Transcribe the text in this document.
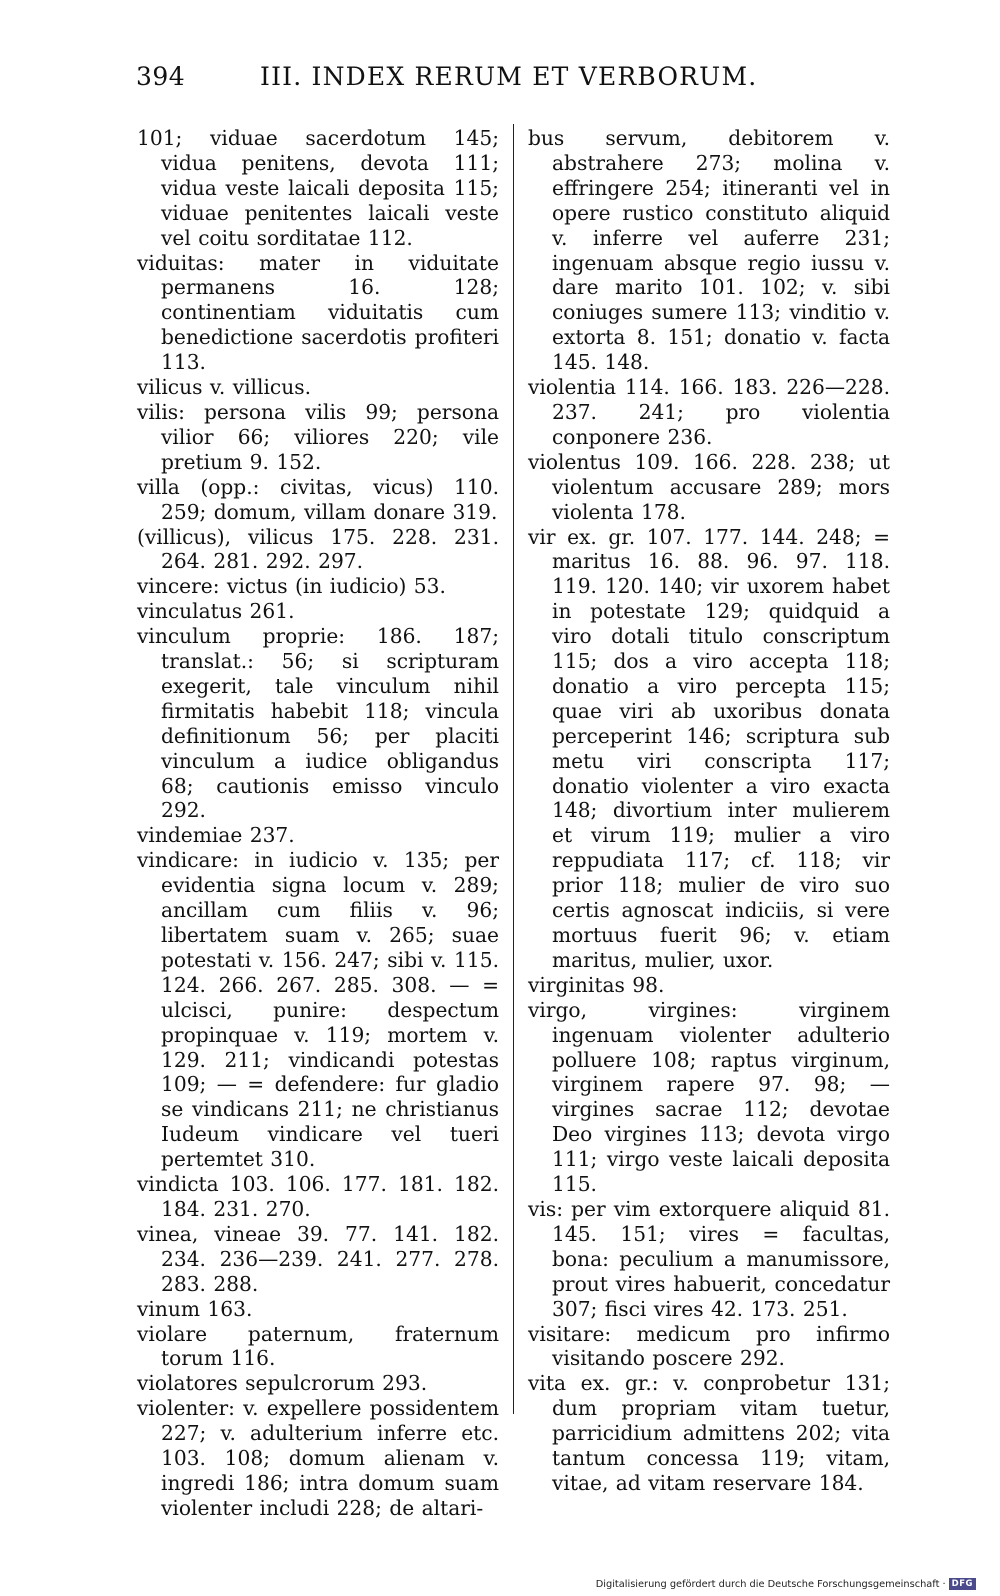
394	III. INDEX RERUM ET VERBORUM.

101; viduae sacerdotum 145; vidua penitens, devota 111; vidua veste laicali deposita 115; viduae penitentes laicali veste vel coitu sorditatae 112.

viduitas: mater in viduitate permanens 16. 128; continentiam viduitatis cum benedictione sacerdotis profiteri 113.

vilicus v. villicus.

vilis: persona vilis 99; persona vilior 66; viliores 220; vile pretium 9. 152.

villa (opp.: civitas, vicus) 110. 259; domum, villam donare 319.

(villicus), vilicus 175. 228. 231. 264. 281. 292. 297.

vincere: victus (in iudicio) 53.

vinculatus 261.

vinculum proprie: 186. 187; translat.: 56; si scripturam exegerit, tale vinculum nihil firmitatis habebit 118; vincula definitionum 56; per placiti vinculum a iudice obligandus 68; cautionis emisso vinculo 292.

vindemiae 237.

vindicare: in iudicio v. 135; per evidentia signa locum v. 289; ancillam cum filiis v. 96; libertatem suam v. 265; suae potestati v. 156. 247; sibi v. 115. 124. 266. 267. 285. 308. — = ulcisci, punire: despectum propinquae v. 119; mortem v. 129. 211; vindicandi potestas 109; — = defendere: fur gladio se vindicans 211; ne christianus Iudeum vindicare vel tueri pertemtet 310.

vindicta 103. 106. 177. 181. 182. 184. 231. 270.

vinea, vineae 39. 77. 141. 182. 234. 236—239. 241. 277. 278. 283. 288.

vinum 163.

violare paternum, fraternum torum 116.

violatores sepulcrorum 293.

violenter: v. expellere possidentem 227; v. adulterium inferre etc. 103. 108; domum alienam v. ingredi 186; intra domum suam violenter includi 228; de altari-

bus servum, debitorem v. abstrahere 273; molina v. effringere 254; itineranti vel in opere rustico constituto aliquid v. inferre vel auferre 231; ingenuam absque regio iussu v. dare marito 101. 102; v. sibi coniuges sumere 113; vinditio v. extorta 8. 151; donatio v. facta 145. 148.

violentia 114. 166. 183. 226—228. 237. 241; pro violentia conponere 236.

violentus 109. 166. 228. 238; ut violentum accusare 289; mors violenta 178.

vir ex. gr. 107. 177. 144. 248; = maritus 16. 88. 96. 97. 118. 119. 120. 140; vir uxorem habet in potestate 129; quidquid a viro dotali titulo conscriptum 115; dos a viro accepta 118; donatio a viro percepta 115; quae viri ab uxoribus donata perceperint 146; scriptura sub metu viri conscripta 117; donatio violenter a viro exacta 148; divortium inter mulierem et virum 119; mulier a viro reppudiata 117; cf. 118; vir prior 118; mulier de viro suo certis agnoscat indiciis, si vere mortuus fuerit 96; v. etiam maritus, mulier, uxor.

virginitas 98.

virgo, virgines: virginem ingenuam violenter adulterio polluere 108; raptus virginum, virginem rapere 97. 98; — virgines sacrae 112; devotae Deo virgines 113; devota virgo 111; virgo veste laicali deposita 115.

vis: per vim extorquere aliquid 81. 145. 151; vires = facultas, bona: peculium a manumissore, prout vires habuerit, concedatur 307; fisci vires 42. 173. 251.

visitare: medicum pro infirmo visitando poscere 292.

vita ex. gr.: v. conprobetur 131; dum propriam vitam tuetur, parricidium admittens 202; vita tantum concessa 119; vitam, vitae, ad vitam reservare 184.

Digitalisierung gefördert durch die Deutsche Forschungsgemeinschaft · DFG
